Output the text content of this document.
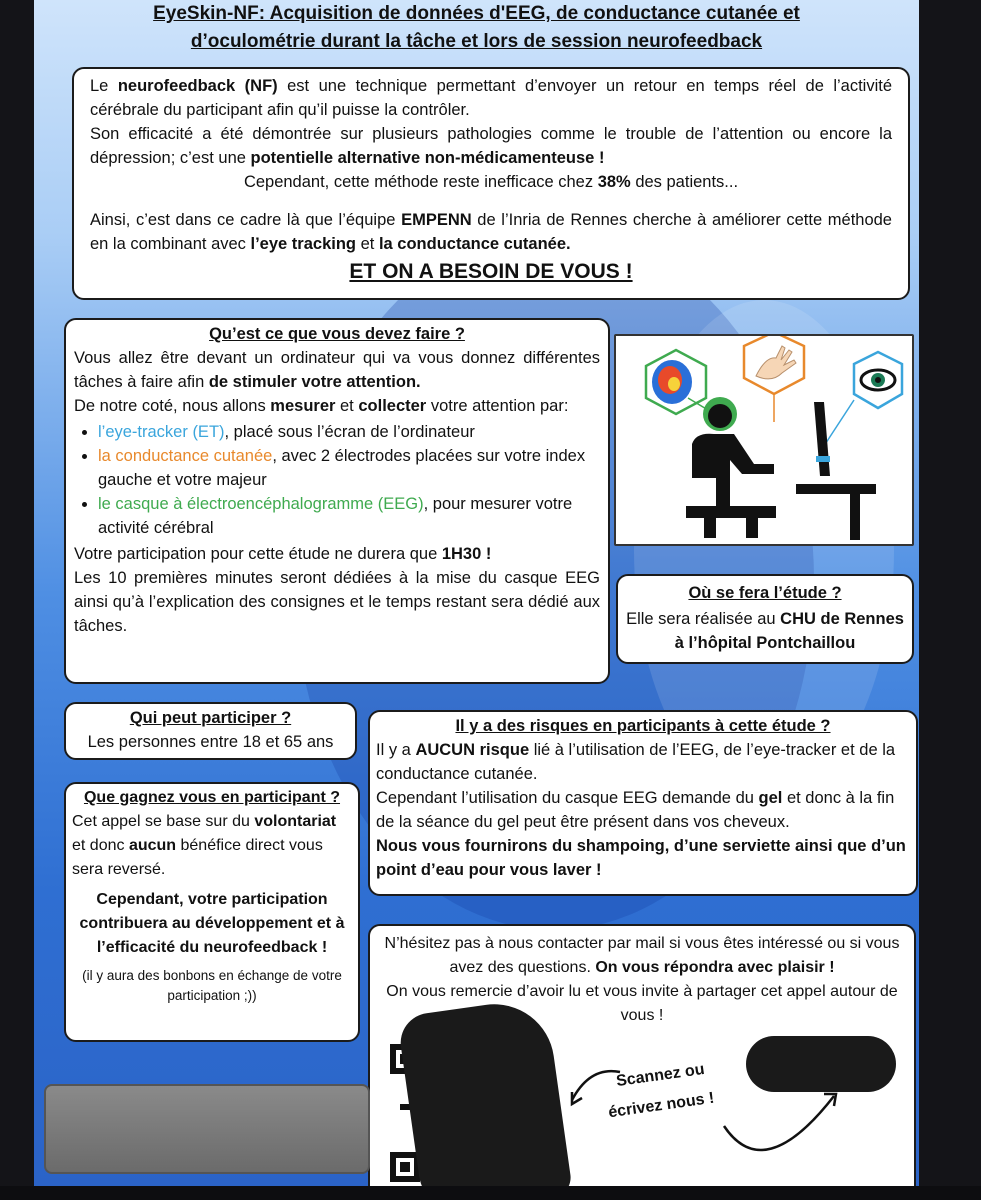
EyeSkin-NF: Acquisition de données d'EEG, de conductance cutanée et
d’oculométrie durant la tâche et lors de session neurofeedback
Le neurofeedback (NF) est une technique permettant d’envoyer un retour en temps réel de l’activité cérébrale du participant afin qu’il puisse la contrôler.
Son efficacité a été démontrée sur plusieurs pathologies comme le trouble de l’attention ou encore la dépression; c’est une potentielle alternative non-médicamenteuse !
Cependant, cette méthode reste inefficace chez 38% des patients...
Ainsi, c’est dans ce cadre là que l’équipe EMPENN de l’Inria de Rennes cherche à améliorer cette méthode en la combinant avec l’eye tracking et la conductance cutanée.
ET ON A BESOIN DE VOUS !
Qu’est ce que vous devez faire ?
Vous allez être devant un ordinateur qui va vous donnez différentes tâches à faire afin de stimuler votre attention.
De notre coté, nous allons mesurer et collecter votre attention par:
• l’eye-tracker (ET), placé sous l’écran de l’ordinateur
• la conductance cutanée, avec 2 électrodes placées sur votre index gauche et votre majeur
• le casque à électroencéphalogramme (EEG), pour mesurer votre activité cérébral
Votre participation pour cette étude ne durera que 1H30 !
Les 10 premières minutes seront dédiées à la mise du casque EEG ainsi qu’à l’explication des consignes et le temps restant sera dédié aux tâches.
Où se fera l’étude ?
Elle sera réalisée au CHU de Rennes à l’hôpital Pontchaillou
Qui peut participer ?
Les personnes entre 18 et 65 ans
Que gagnez vous en participant ?
Cet appel se base sur du volontariat et donc aucun bénéfice direct vous sera reversé.
Cependant, votre participation contribuera au développement et à l’efficacité du neurofeedback !
(il y aura des bonbons en échange de votre participation ;))
Il y a des risques en participants à cette étude ?
Il y a AUCUN risque lié à l’utilisation de l’EEG, de l’eye-tracker et de la conductance cutanée.
Cependant l’utilisation du casque EEG demande du gel et donc à la fin de la séance du gel peut être présent dans vos cheveux.
Nous vous fournirons du shampoing, d’une serviette ainsi que d’un point d’eau pour vous laver !
N’hésitez pas à nous contacter par mail si vous êtes intéressé ou si vous avez des questions. On vous répondra avec plaisir !
On vous remercie d’avoir lu et vous invite à partager cet appel autour de vous !
Scannez ou
écrivez nous !
